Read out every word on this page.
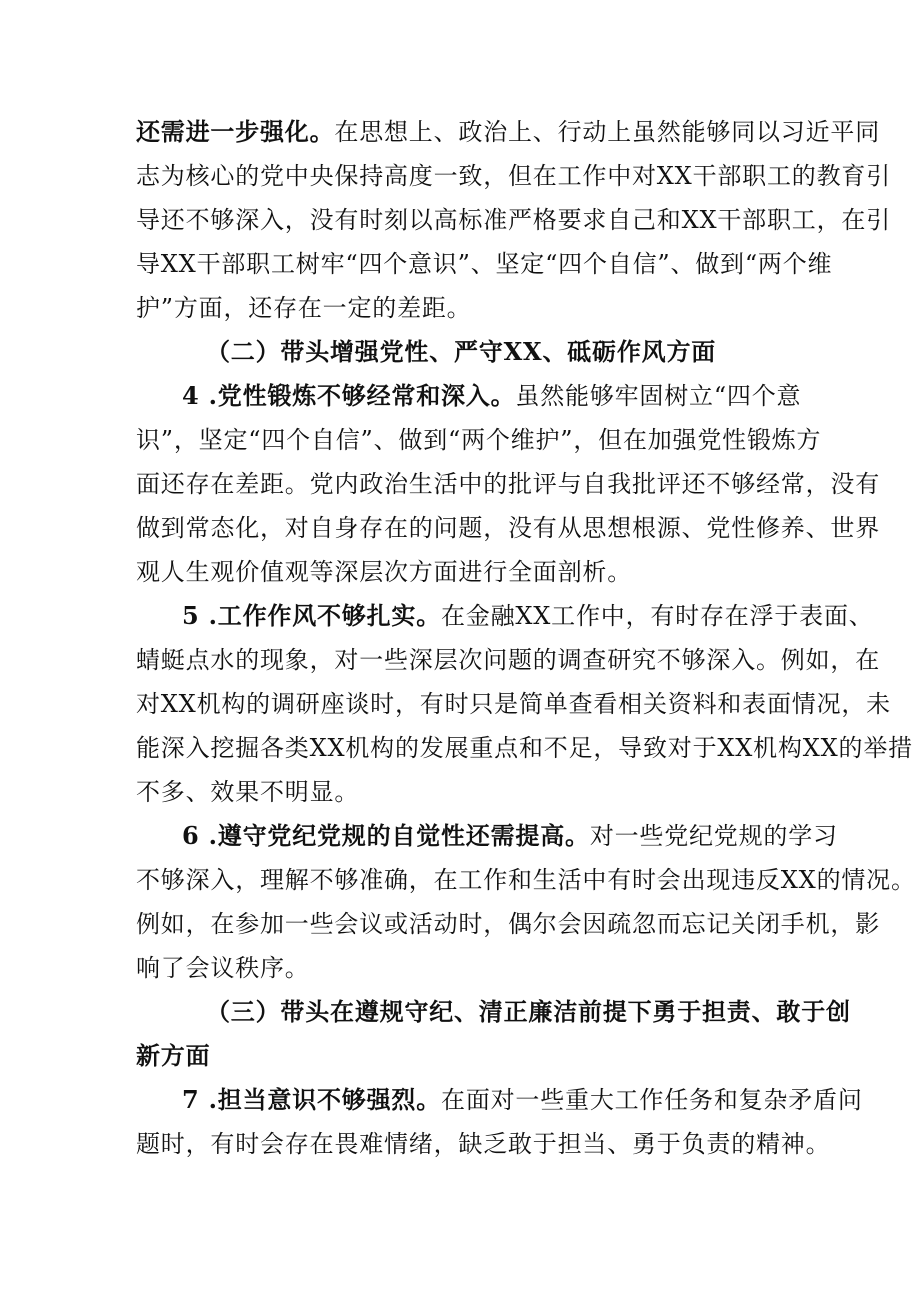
还需进一步强化。在思想上、政治上、行动上虽然能够同以习近平同
志为核心的党中央保持高度一致，但在工作中对XX干部职工的教育引
导还不够深入，没有时刻以高标准严格要求自己和XX干部职工，在引
导XX干部职工树牢“四个意识”、坚定“四个自信”、做到“两个维
护”方面，还存在一定的差距。
（二）带头增强党性、严守XX、砥砺作风方面
4 .党性锻炼不够经常和深入。虽然能够牢固树立“四个意
识”，坚定“四个自信”、做到“两个维护”，但在加强党性锻炼方
面还存在差距。党内政治生活中的批评与自我批评还不够经常，没有
做到常态化，对自身存在的问题，没有从思想根源、党性修养、世界
观人生观价值观等深层次方面进行全面剖析。
5 .工作作风不够扎实。在金融XX工作中，有时存在浮于表面、
蜻蜓点水的现象，对一些深层次问题的调查研究不够深入。例如，在
对XX机构的调研座谈时，有时只是简单查看相关资料和表面情况，未
能深入挖掘各类XX机构的发展重点和不足，导致对于XX机构XX的举措
不多、效果不明显。
6 .遵守党纪党规的自觉性还需提高。对一些党纪党规的学习
不够深入，理解不够准确，在工作和生活中有时会出现违反XX的情况。
例如，在参加一些会议或活动时，偶尔会因疏忽而忘记关闭手机，影
响了会议秩序。
（三）带头在遵规守纪、清正廉洁前提下勇于担责、敢于创
新方面
7 .担当意识不够强烈。在面对一些重大工作任务和复杂矛盾问
题时，有时会存在畏难情绪，缺乏敢于担当、勇于负责的精神。
